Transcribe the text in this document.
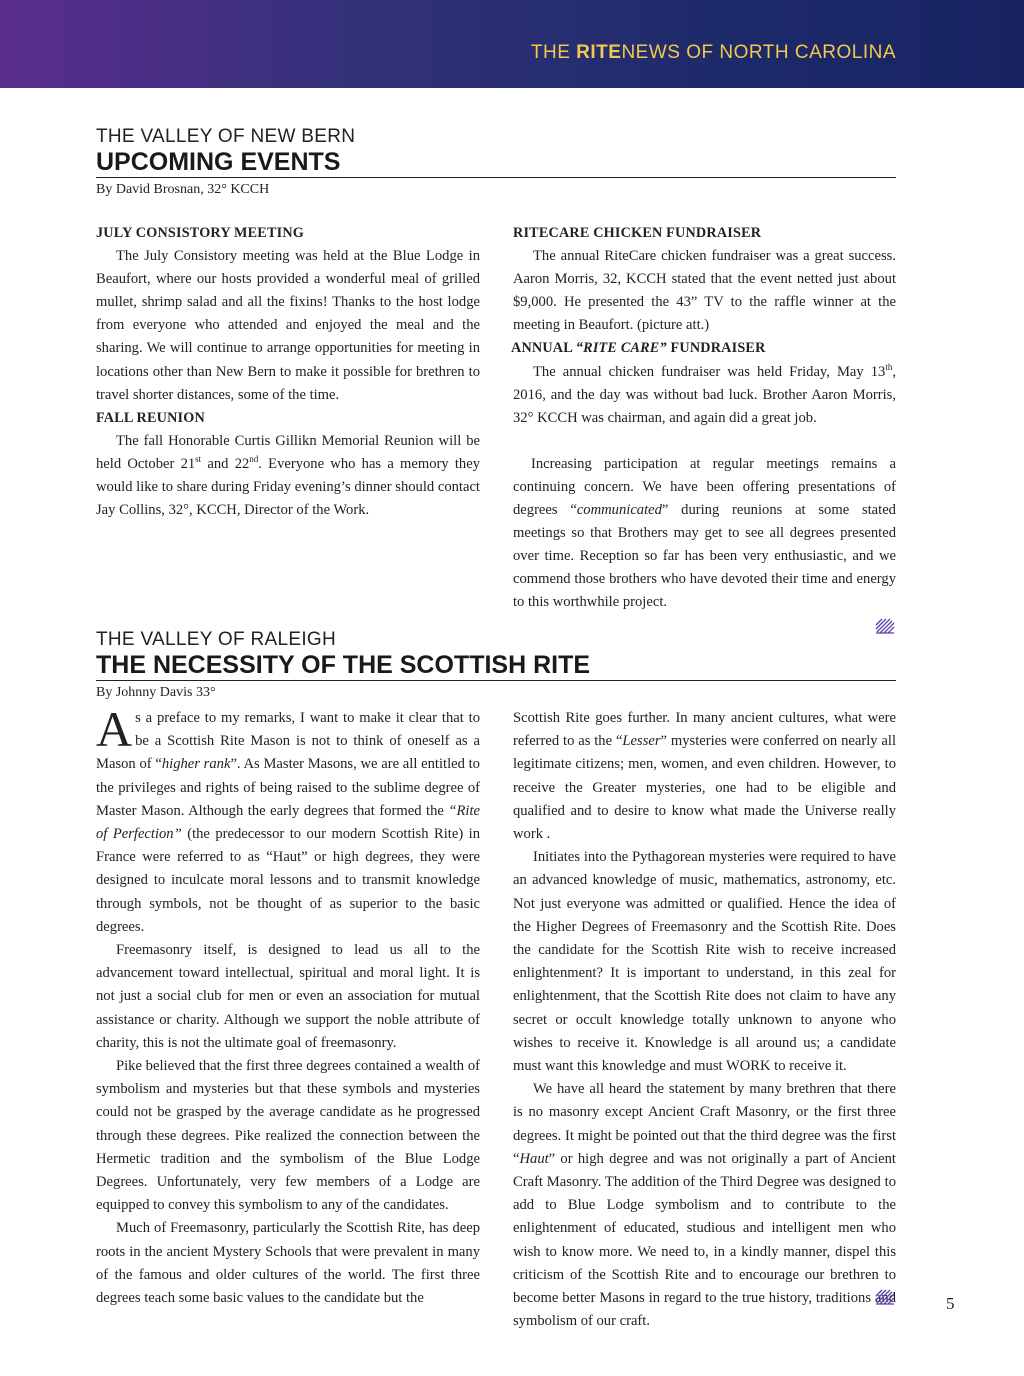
THE RITENEWS OF NORTH CAROLINA
THE VALLEY OF NEW BERN
UPCOMING EVENTS
By David Brosnan, 32° KCCH
JULY CONSISTORY MEETING

The July Consistory meeting was held at the Blue Lodge in Beaufort, where our hosts provided a wonderful meal of grilled mullet, shrimp salad and all the fixins! Thanks to the host lodge from everyone who attended and enjoyed the meal and the sharing. We will continue to arrange opportunities for meeting in locations other than New Bern to make it possible for brethren to travel shorter distances, some of the time.

FALL REUNION

The fall Honorable Curtis Gillikn Memorial Reunion will be held October 21st and 22nd. Everyone who has a memory they would like to share during Friday evening’s dinner should contact Jay Collins, 32°, KCCH, Director of the Work.

RITECARE CHICKEN FUNDRAISER

The annual RiteCare chicken fundraiser was a great success. Aaron Morris, 32, KCCH stated that the event netted just about $9,000. He presented the 43” TV to the raffle winner at the meeting in Beaufort. (picture att.)

ANNUAL “RITE CARE” FUNDRAISER

The annual chicken fundraiser was held Friday, May 13th, 2016, and the day was without bad luck. Brother Aaron Morris, 32° KCCH was chairman, and again did a great job.

Increasing participation at regular meetings remains a continuing concern. We have been offering presentations of degrees “communicated” during reunions at some stated meetings so that Brothers may get to see all degrees presented over time. Reception so far has been very enthusiastic, and we commend those brothers who have devoted their time and energy to this worthwhile project.

THE VALLEY OF RALEIGH
THE NECESSITY OF THE SCOTTISH RITE
By Johnny Davis 33°

As a preface to my remarks, I want to make it clear that to be a Scottish Rite Mason is not to think of oneself as a Mason of “higher rank”. As Master Masons, we are all entitled to the privileges and rights of being raised to the sublime degree of Master Mason. Although the early degrees that formed the “Rite of Perfection” (the predecessor to our modern Scottish Rite) in France were referred to as “Haut” or high degrees, they were designed to inculcate moral lessons and to transmit knowledge through symbols, not be thought of as superior to the basic degrees.

Freemasonry itself, is designed to lead us all to the advancement toward intellectual, spiritual and moral light. It is not just a social club for men or even an association for mutual assistance or charity. Although we support the noble attribute of charity, this is not the ultimate goal of freemasonry.

Pike believed that the first three degrees contained a wealth of symbolism and mysteries but that these symbols and mysteries could not be grasped by the average candidate as he progressed through these degrees. Pike realized the connection between the Hermetic tradition and the symbolism of the Blue Lodge Degrees. Unfortunately, very few members of a Lodge are equipped to convey this symbolism to any of the candidates.

Much of Freemasonry, particularly the Scottish Rite, has deep roots in the ancient Mystery Schools that were prevalent in many of the famous and older cultures of the world. The first three degrees teach some basic values to the candidate but the

Scottish Rite goes further. In many ancient cultures, what were referred to as the “Lesser” mysteries were conferred on nearly all legitimate citizens; men, women, and even children. However, to receive the Greater mysteries, one had to be eligible and qualified and to desire to know what made the Universe really work .

Initiates into the Pythagorean mysteries were required to have an advanced knowledge of music, mathematics, astronomy, etc. Not just everyone was admitted or qualified. Hence the idea of the Higher Degrees of Freemasonry and the Scottish Rite. Does the candidate for the Scottish Rite wish to receive increased enlightenment? It is important to understand, in this zeal for enlightenment, that the Scottish Rite does not claim to have any secret or occult knowledge totally unknown to anyone who wishes to receive it. Knowledge is all around us; a candidate must want this knowledge and must WORK to receive it.

We have all heard the statement by many brethren that there is no masonry except Ancient Craft Masonry, or the first three degrees. It might be pointed out that the third degree was the first “Haut” or high degree and was not originally a part of Ancient Craft Masonry. The addition of the Third Degree was designed to add to Blue Lodge symbolism and to contribute to the enlightenment of educated, studious and intelligent men who wish to know more. We need to, in a kindly manner, dispel this criticism of the Scottish Rite and to encourage our brethren to become better Masons in regard to the true history, traditions and symbolism of our craft.

5
